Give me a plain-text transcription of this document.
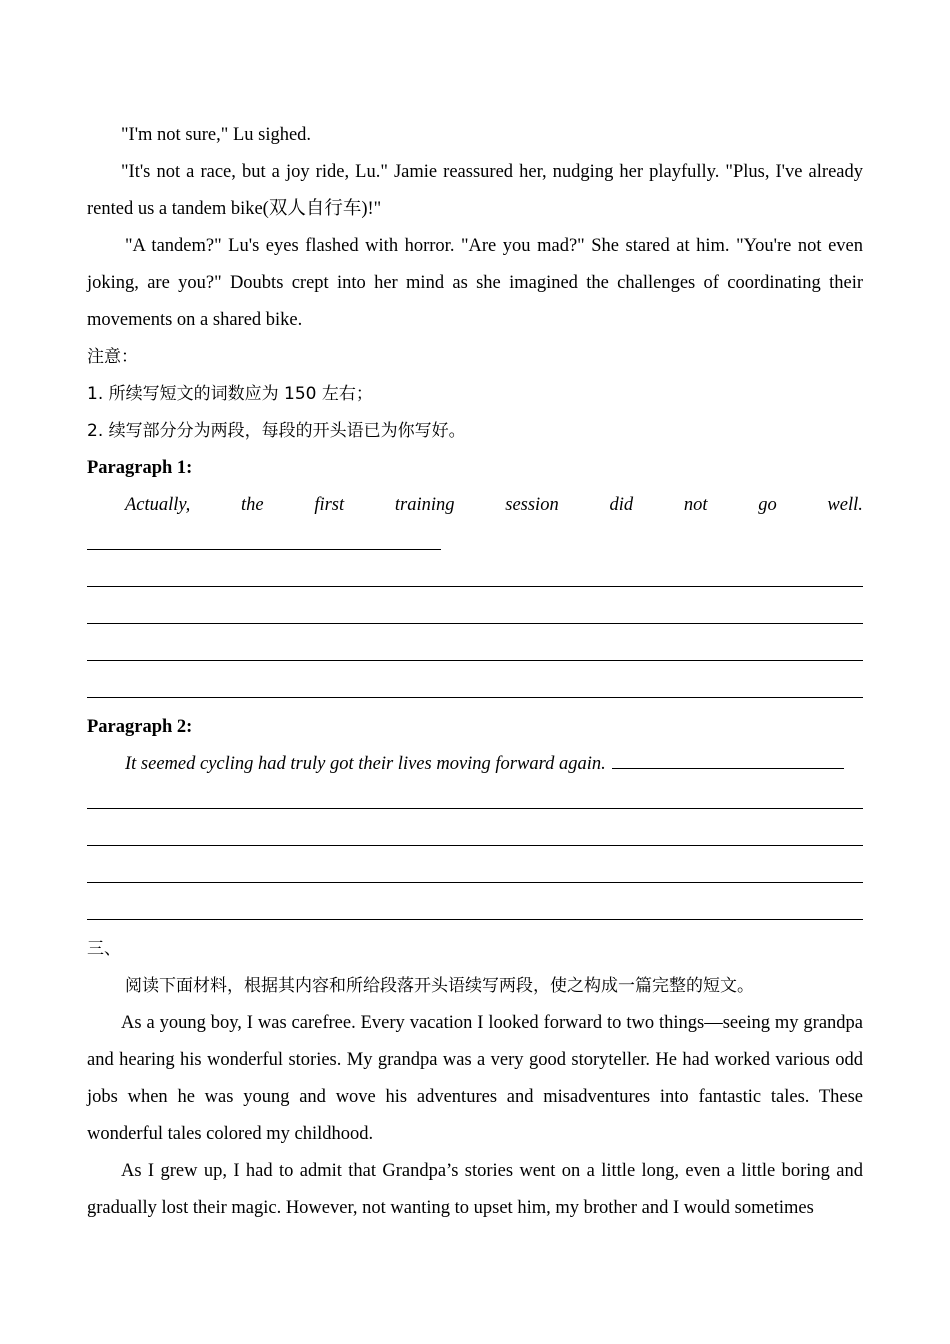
"I'm not sure," Lu sighed.

"It's not a race, but a joy ride, Lu." Jamie reassured her, nudging her playfully. "Plus, I've already rented us a tandem bike(双人自行车)!"

"A tandem?" Lu's eyes flashed with horror. "Are you mad?" She stared at him. "You're not even joking, are you?" Doubts crept into her mind as she imagined the challenges of coordinating their movements on a shared bike.

注意：

1. 所续写短文的词数应为 150 左右；

2. 续写部分分为两段，每段的开头语已为你写好。

Paragraph 1:

Actually,	the	first	training	session	did	not	go	well.

Paragraph 2:

It seemed cycling had truly got their lives moving forward again.

三、

阅读下面材料，根据其内容和所给段落开头语续写两段，使之构成一篇完整的短文。

As a young boy, I was carefree. Every vacation I looked forward to two things—seeing my grandpa and hearing his wonderful stories. My grandpa was a very good storyteller. He had worked various odd jobs when he was young and wove his adventures and misadventures into fantastic tales. These wonderful tales colored my childhood.

As I grew up, I had to admit that Grandpa’s stories went on a little long, even a little boring and gradually lost their magic. However, not wanting to upset him, my brother and I would sometimes
